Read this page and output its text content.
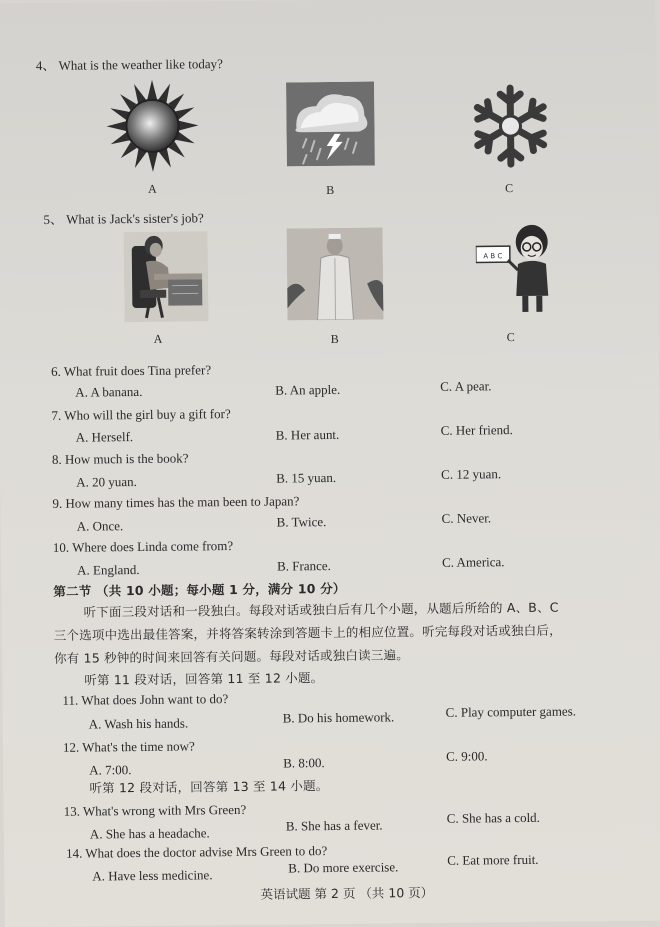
4、 What is the weather like today?
A	B	C
5、 What is Jack's sister's job?
A B C
A	B	C
6. What fruit does Tina prefer?
A. A banana.	B. An apple.	C. A pear.
7. Who will the girl buy a gift for?
A. Herself.	B. Her aunt.	C. Her friend.
8. How much is the book?
A. 20 yuan.	B. 15 yuan.	C. 12 yuan.
9. How many times has the man been to Japan?
A. Once.	B. Twice.	C. Never.
10. Where does Linda come from?
A. England.	B. France.	C. America.
第二节 （共 10 小题；每小题 1 分，满分 10 分）
听下面三段对话和一段独白。每段对话或独白后有几个小题，从题后所给的 A、B、C
三个选项中选出最佳答案，并将答案转涂到答题卡上的相应位置。听完每段对话或独白后，
你有 15 秒钟的时间来回答有关问题。每段对话或独白读三遍。
听第 11 段对话，回答第 11 至 12 小题。
11. What does John want to do?
A. Wash his hands.	B. Do his homework.	C. Play computer games.
12. What's the time now?
A. 7:00.	B. 8:00.	C. 9:00.
听第 12 段对话，回答第 13 至 14 小题。
13. What's wrong with Mrs Green?
A. She has a headache.	B. She has a fever.	C. She has a cold.
14. What does the doctor advise Mrs Green to do?
A. Have less medicine.	B. Do more exercise.	C. Eat more fruit.
英语试题 第 2 页 （共 10 页）
